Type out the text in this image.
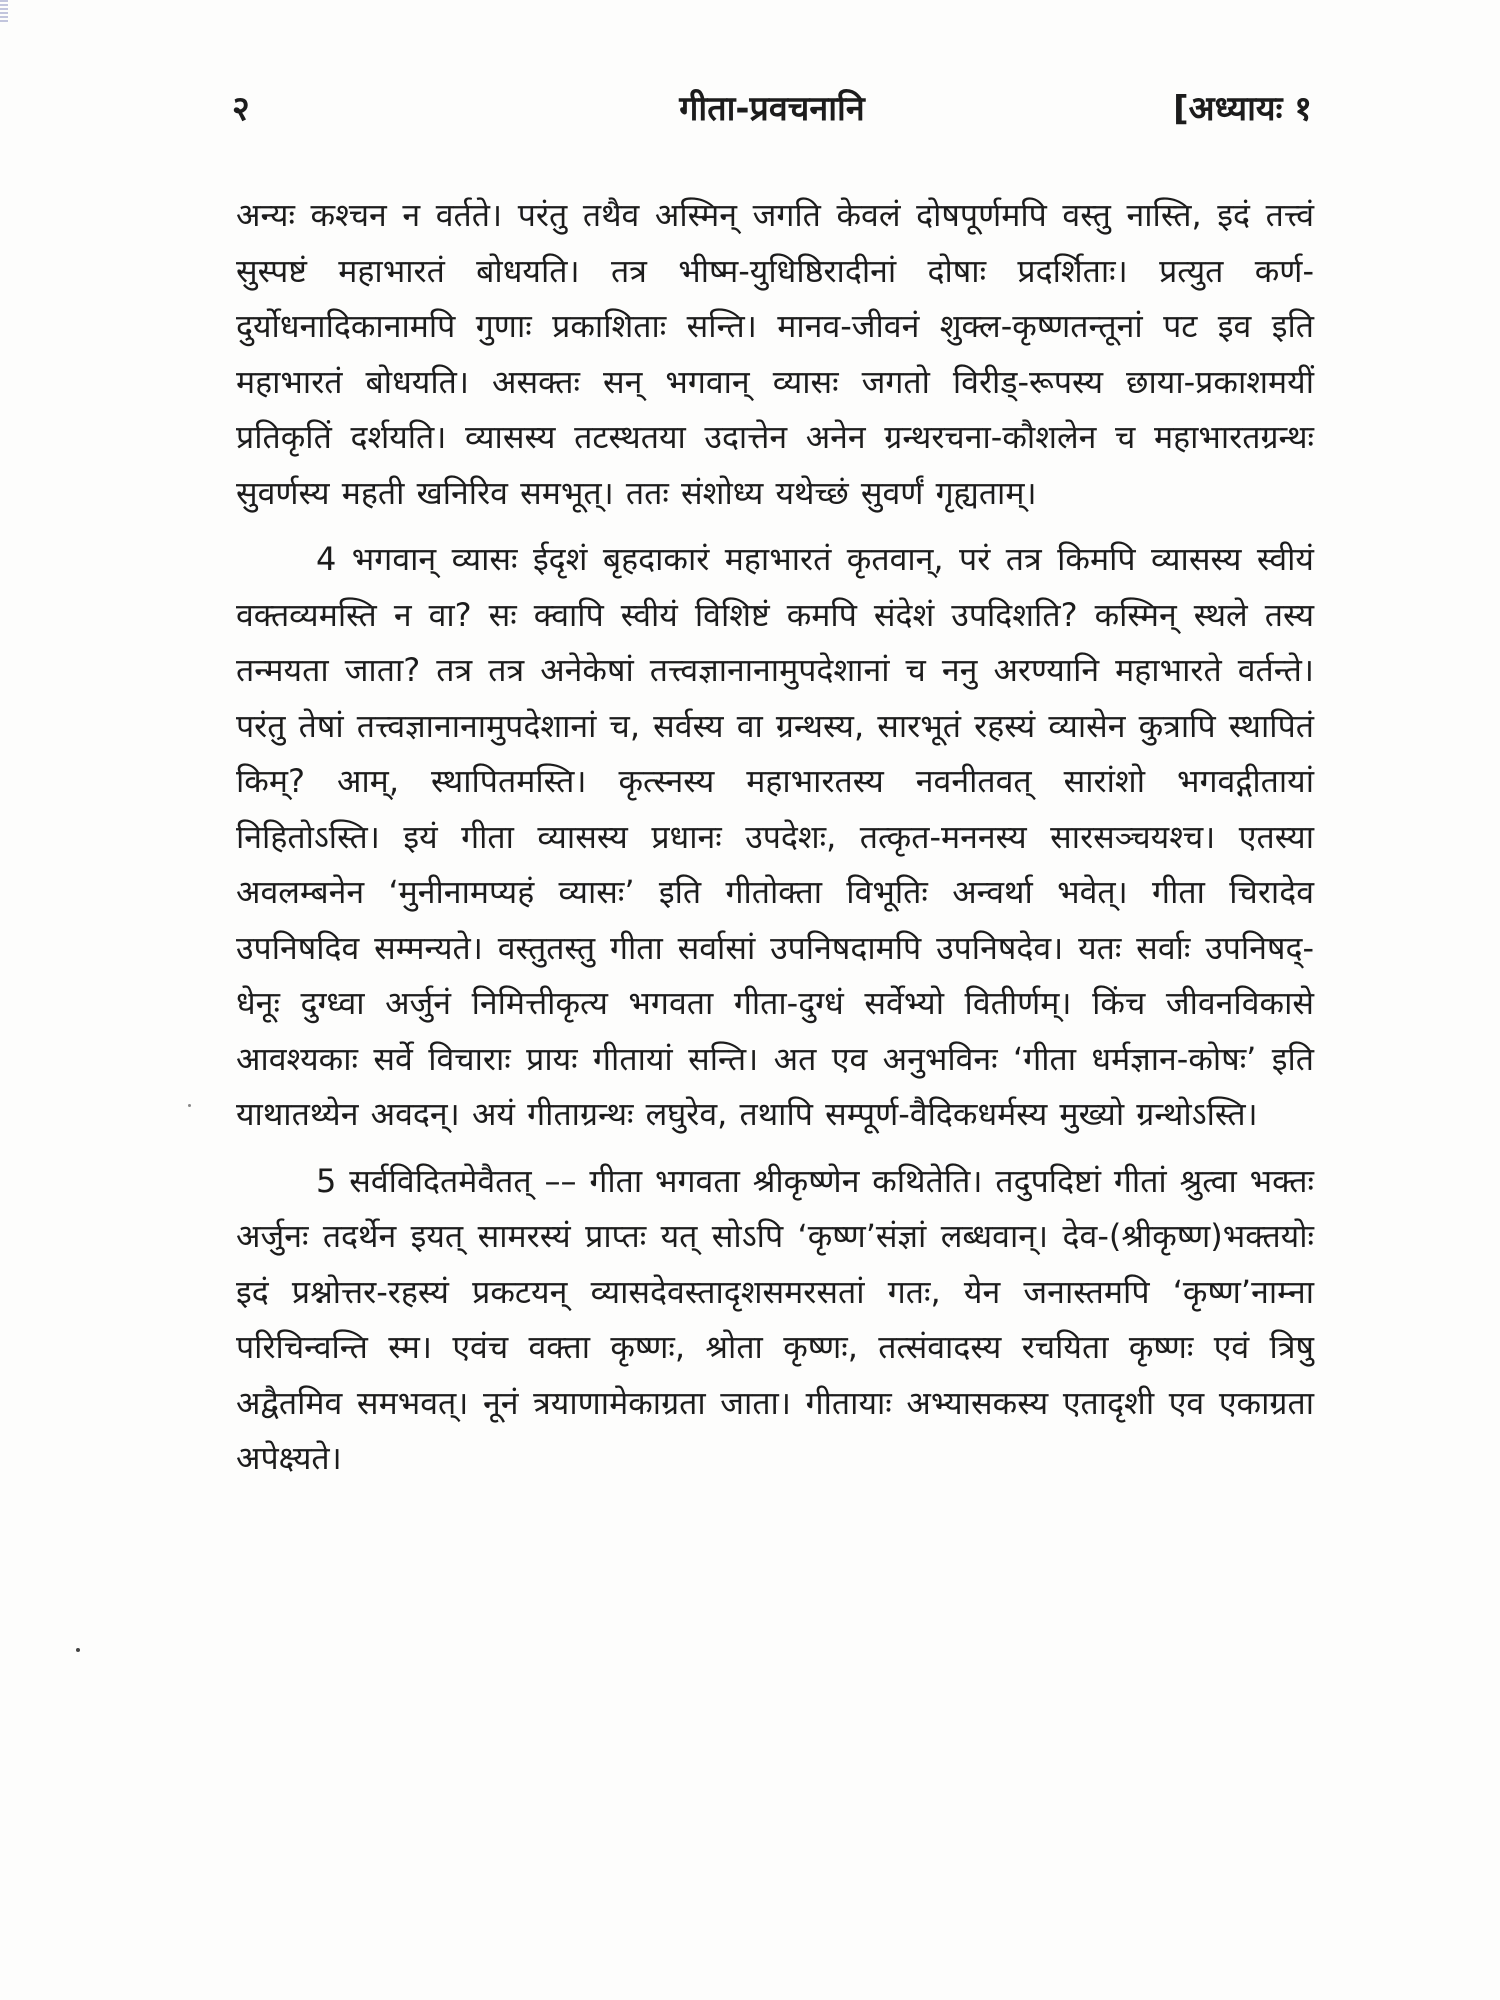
२	गीता-प्रवचनानि	[अध्यायः १

अन्यः कश्चन न वर्तते। परंतु तथैव अस्मिन् जगति केवलं दोषपूर्णमपि वस्तु नास्ति, इदं तत्त्वं सुस्पष्टं महाभारतं बोधयति। तत्र भीष्म-युधिष्ठिरादीनां दोषाः प्रदर्शिताः। प्रत्युत कर्ण-दुर्योधनादिकानामपि गुणाः प्रकाशिताः सन्ति। मानव-जीवनं शुक्ल-कृष्णतन्तूनां पट इव इति महाभारतं बोधयति। असक्तः सन् भगवान् व्यासः जगतो विरीड्-रूपस्य छाया-प्रकाशमयीं प्रतिकृतिं दर्शयति। व्यासस्य तटस्थतया उदात्तेन अनेन ग्रन्थरचना-कौशलेन च महाभारतग्रन्थः सुवर्णस्य महती खनिरिव समभूत्। ततः संशोध्य यथेच्छं सुवर्णं गृह्यताम्।

4 भगवान् व्यासः ईदृशं बृहदाकारं महाभारतं कृतवान्, परं तत्र किमपि व्यासस्य स्वीयं वक्तव्यमस्ति न वा? सः क्वापि स्वीयं विशिष्टं कमपि संदेशं उपदिशति? कस्मिन् स्थले तस्य तन्मयता जाता? तत्र तत्र अनेकेषां तत्त्वज्ञानानामुपदेशानां च ननु अरण्यानि महाभारते वर्तन्ते। परंतु तेषां तत्त्वज्ञानानामुपदेशानां च, सर्वस्य वा ग्रन्थस्य, सारभूतं रहस्यं व्यासेन कुत्रापि स्थापितं किम्? आम्, स्थापितमस्ति। कृत्स्नस्य महाभारतस्य नवनीतवत् सारांशो भगवद्गीतायां निहितोऽस्ति। इयं गीता व्यासस्य प्रधानः उपदेशः, तत्कृत-मननस्य सारसञ्चयश्च। एतस्या अवलम्बनेन ‘मुनीनामप्यहं व्यासः’ इति गीतोक्ता विभूतिः अन्वर्था भवेत्। गीता चिरादेव उपनिषदिव सम्मन्यते। वस्तुतस्तु गीता सर्वासां उपनिषदामपि उपनिषदेव। यतः सर्वाः उपनिषद्-धेनूः दुग्ध्वा अर्जुनं निमित्तीकृत्य भगवता गीता-दुग्धं सर्वेभ्यो वितीर्णम्। किंच जीवनविकासे आवश्यकाः सर्वे विचाराः प्रायः गीतायां सन्ति। अत एव अनुभविनः ‘गीता धर्मज्ञान-कोषः’ इति याथातथ्येन अवदन्। अयं गीताग्रन्थः लघुरेव, तथापि सम्पूर्ण-वैदिकधर्मस्य मुख्यो ग्रन्थोऽस्ति।

5 सर्वविदितमेवैतत् –– गीता भगवता श्रीकृष्णेन कथितेति। तदुपदिष्टां गीतां श्रुत्वा भक्तः अर्जुनः तदर्थेन इयत् सामरस्यं प्राप्तः यत् सोऽपि ‘कृष्ण’संज्ञां लब्धवान्। देव-(श्रीकृष्ण)भक्तयोः इदं प्रश्नोत्तर-रहस्यं प्रकटयन् व्यासदेवस्तादृशसमरसतां गतः, येन जनास्तमपि ‘कृष्ण’नाम्ना परिचिन्वन्ति स्म। एवंच वक्ता कृष्णः, श्रोता कृष्णः, तत्संवादस्य रचयिता कृष्णः एवं त्रिषु अद्वैतमिव समभवत्। नूनं त्रयाणामेकाग्रता जाता। गीतायाः अभ्यासकस्य एतादृशी एव एकाग्रता अपेक्ष्यते।
